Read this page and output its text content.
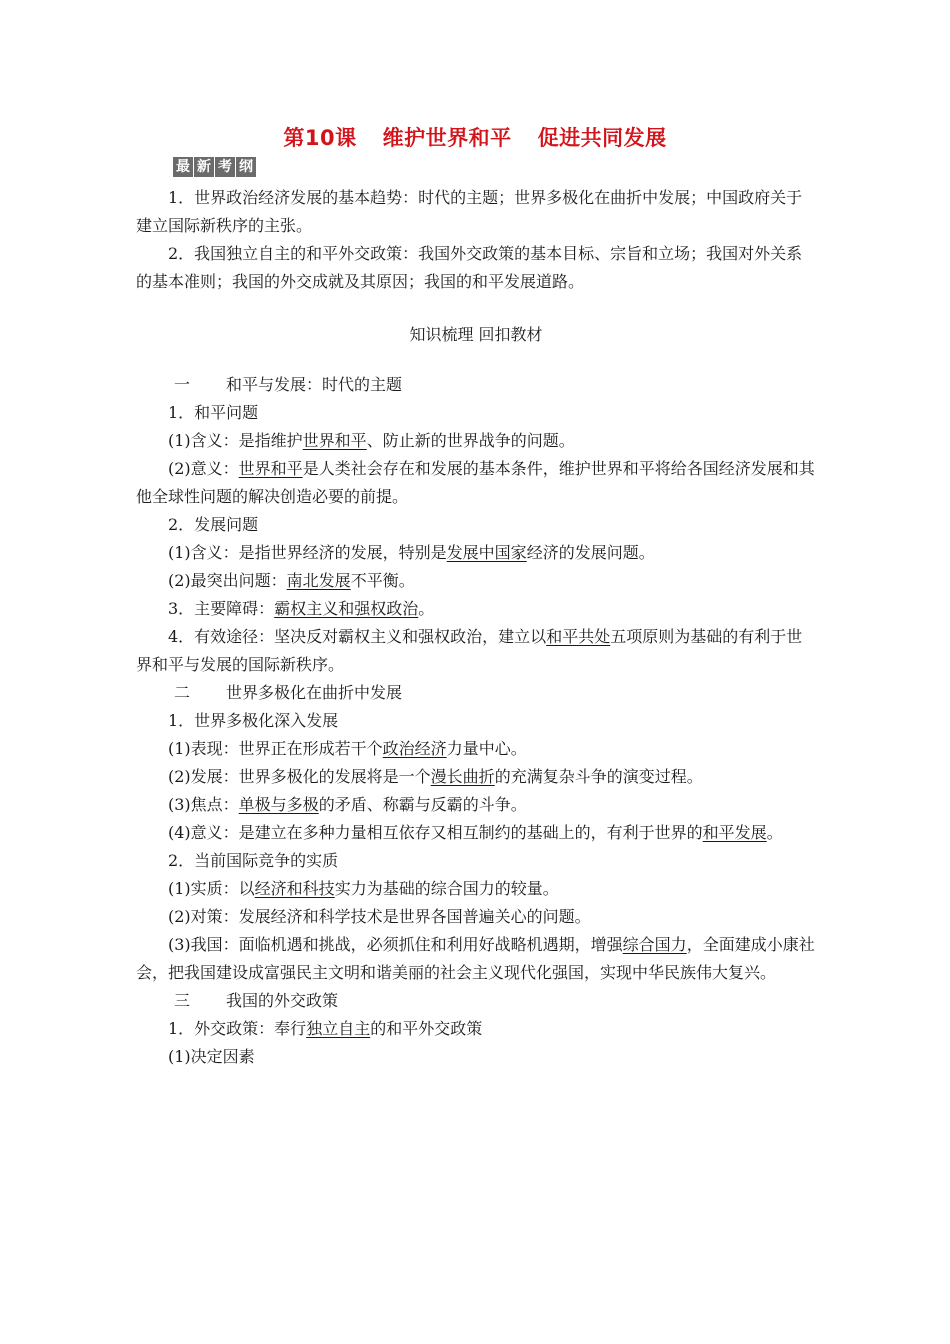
第10课 维护世界和平 促进共同发展
最 新 考 纲

1．世界政治经济发展的基本趋势：时代的主题；世界多极化在曲折中发展；中国政府关于建立国际新秩序的主张。

2．我国独立自主的和平外交政策：我国外交政策的基本目标、宗旨和立场；我国对外关系的基本准则；我国的外交成就及其原因；我国的和平发展道路。

知识梳理 回扣教材

一 和平与发展：时代的主题

1．和平问题

(1)含义：是指维护世界和平、防止新的世界战争的问题。

(2)意义：世界和平是人类社会存在和发展的基本条件，维护世界和平将给各国经济发展和其他全球性问题的解决创造必要的前提。

2．发展问题

(1)含义：是指世界经济的发展，特别是发展中国家经济的发展问题。

(2)最突出问题：南北发展不平衡。

3．主要障碍：霸权主义和强权政治。

4．有效途径：坚决反对霸权主义和强权政治，建立以和平共处五项原则为基础的有利于世界和平与发展的国际新秩序。

二 世界多极化在曲折中发展

1．世界多极化深入发展

(1)表现：世界正在形成若干个政治经济力量中心。

(2)发展：世界多极化的发展将是一个漫长曲折的充满复杂斗争的演变过程。

(3)焦点：单极与多极的矛盾、称霸与反霸的斗争。

(4)意义：是建立在多种力量相互依存又相互制约的基础上的，有利于世界的和平发展。

2．当前国际竞争的实质

(1)实质：以经济和科技实力为基础的综合国力的较量。

(2)对策：发展经济和科学技术是世界各国普遍关心的问题。

(3)我国：面临机遇和挑战，必须抓住和利用好战略机遇期，增强综合国力，全面建成小康社会，把我国建设成富强民主文明和谐美丽的社会主义现代化强国，实现中华民族伟大复兴。

三 我国的外交政策

1．外交政策：奉行独立自主的和平外交政策

(1)决定因素
